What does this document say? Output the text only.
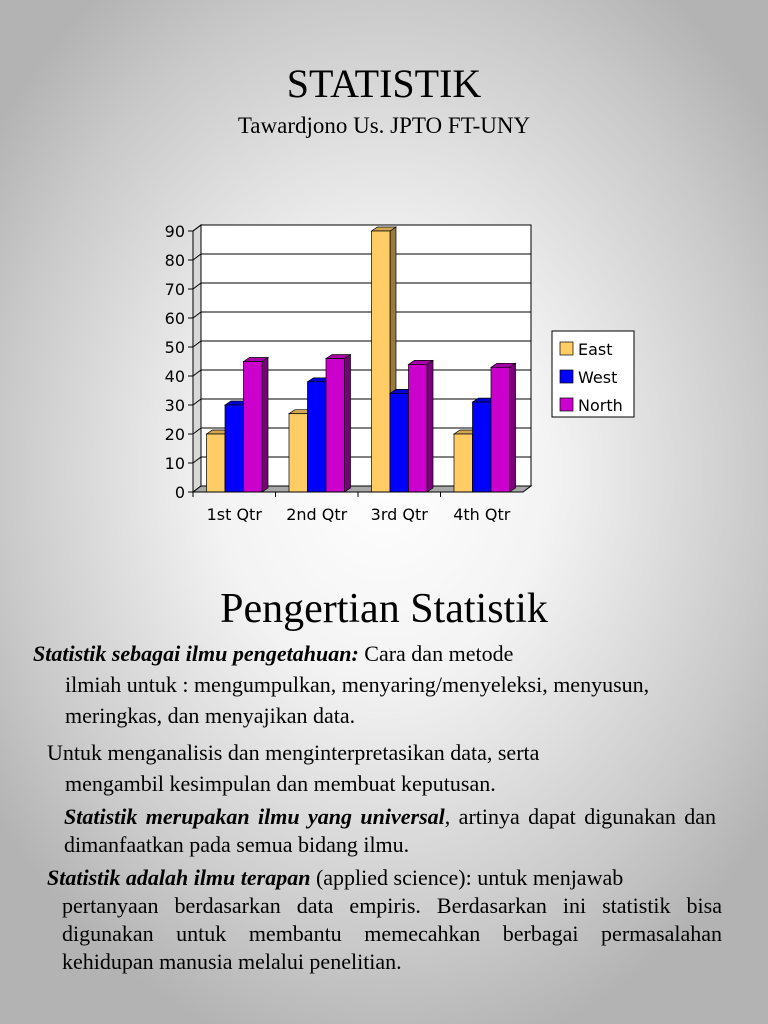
STATISTIK
Tawardjono Us. JPTO FT-UNY
0
10
20
30
40
50
60
70
80
90
1st Qtr 2nd Qtr 3rd Qtr 4th Qtr
East
West
North
Pengertian Statistik

Statistik sebagai ilmu pengetahuan: Cara dan metode
ilmiah untuk : mengumpulkan, menyaring/menyeleksi, menyusun, meringkas, dan menyajikan data.

Untuk menganalisis dan menginterpretasikan data, serta
mengambil kesimpulan dan membuat keputusan.

Statistik merupakan ilmu yang universal, artinya dapat digunakan dan dimanfaatkan pada semua bidang ilmu.

Statistik adalah ilmu terapan (applied science): untuk menjawab
pertanyaan berdasarkan data empiris. Berdasarkan ini statistik bisa digunakan untuk membantu memecahkan berbagai permasalahan kehidupan manusia melalui penelitian.
